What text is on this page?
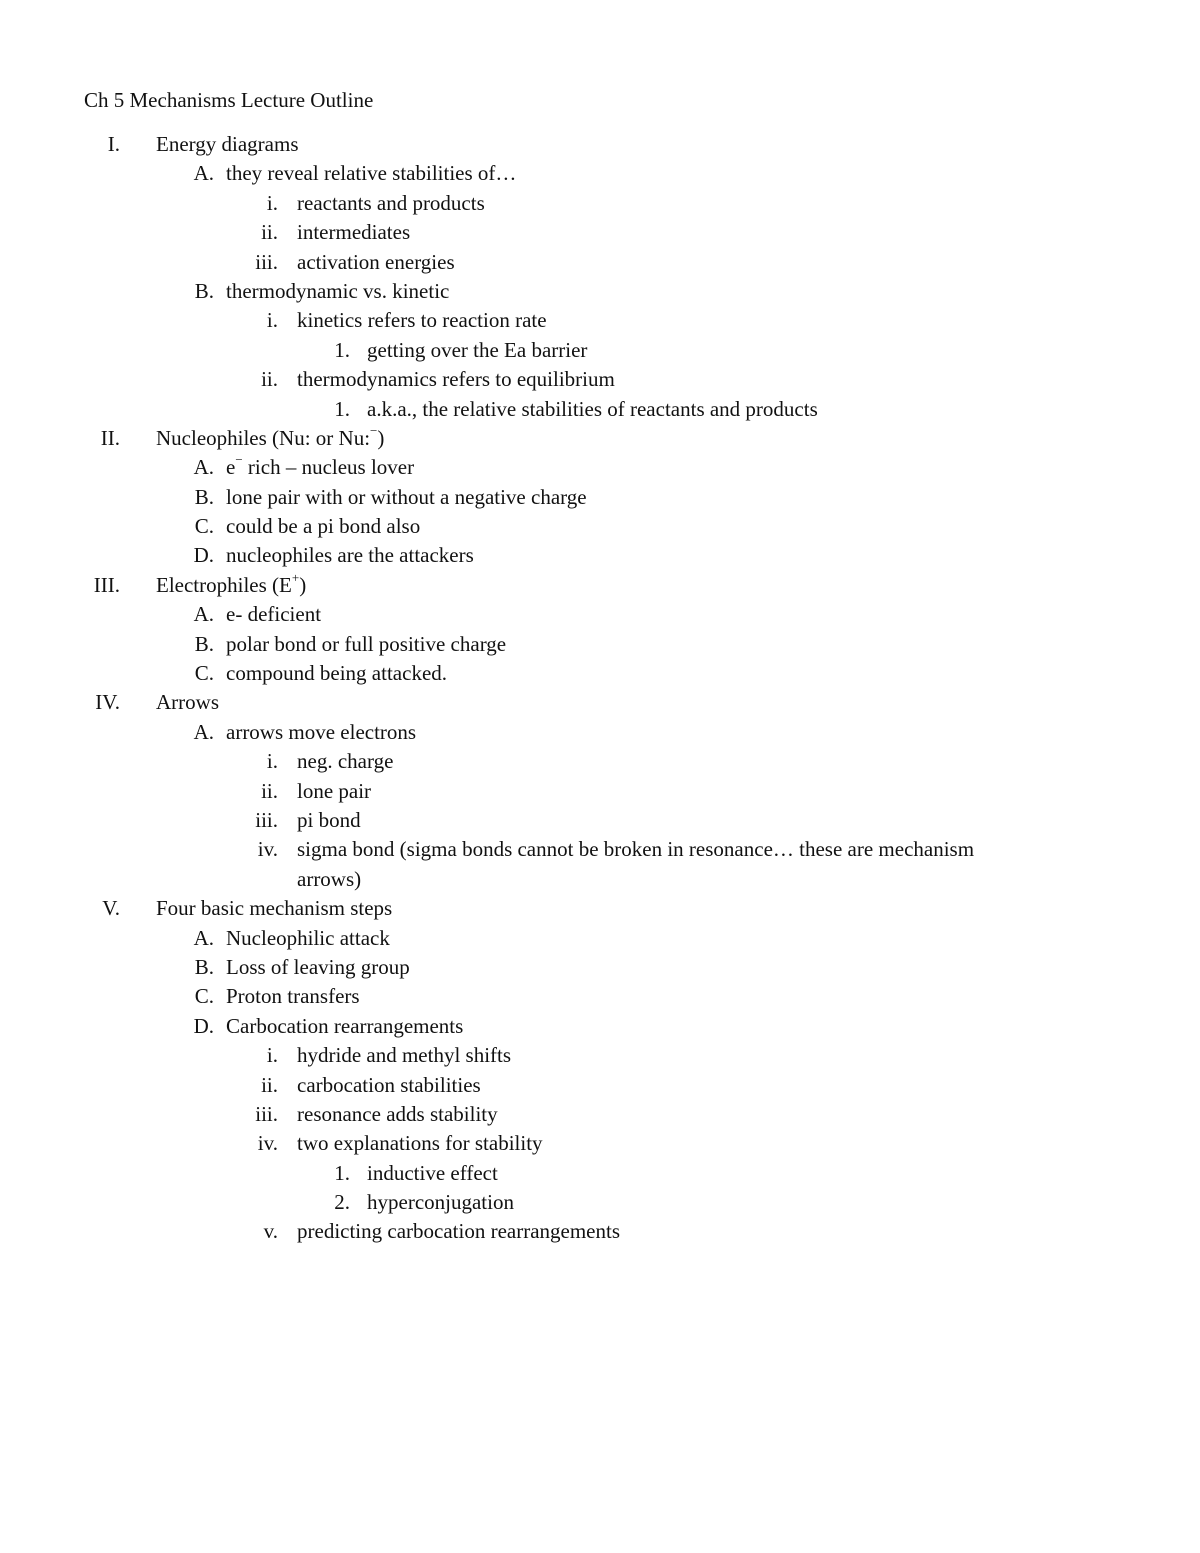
Ch 5 Mechanisms Lecture Outline
I. Energy diagrams
A. they reveal relative stabilities of…
i. reactants and products
ii. intermediates
iii. activation energies
B. thermodynamic vs. kinetic
i. kinetics refers to reaction rate
1. getting over the Ea barrier
ii. thermodynamics refers to equilibrium
1. a.k.a., the relative stabilities of reactants and products
II. Nucleophiles (Nu: or Nu:−)
A. e− rich – nucleus lover
B. lone pair with or without a negative charge
C. could be a pi bond also
D. nucleophiles are the attackers
III. Electrophiles (E+)
A. e- deficient
B. polar bond or full positive charge
C. compound being attacked.
IV. Arrows
A. arrows move electrons
i. neg. charge
ii. lone pair
iii. pi bond
iv. sigma bond (sigma bonds cannot be broken in resonance… these are mechanism
arrows)
V. Four basic mechanism steps
A. Nucleophilic attack
B. Loss of leaving group
C. Proton transfers
D. Carbocation rearrangements
i. hydride and methyl shifts
ii. carbocation stabilities
iii. resonance adds stability
iv. two explanations for stability
1. inductive effect
2. hyperconjugation
v. predicting carbocation rearrangements
